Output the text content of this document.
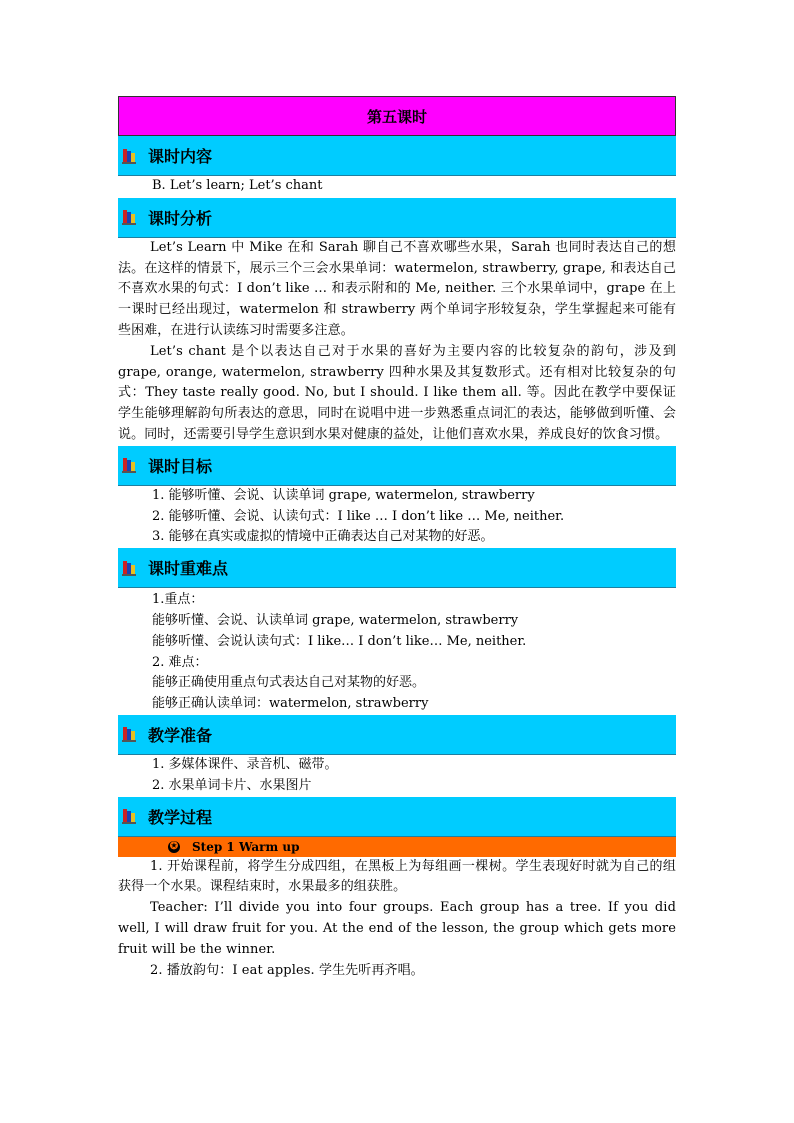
第五课时
课时内容
B. Let’s learn; Let’s chant
课时分析
Let’s Learn 中 Mike 在和 Sarah 聊自己不喜欢哪些水果，Sarah 也同时表达自己的想法。在这样的情景下，展示三个三会水果单词：watermelon, strawberry, grape, 和表达自己不喜欢水果的句式：I don’t like … 和表示附和的 Me, neither. 三个水果单词中，grape 在上一课时已经出现过，watermelon 和 strawberry 两个单词字形较复杂，学生掌握起来可能有些困难，在进行认读练习时需要多注意。
Let’s chant 是个以表达自己对于水果的喜好为主要内容的比较复杂的韵句，涉及到 grape, orange, watermelon, strawberry 四种水果及其复数形式。还有相对比较复杂的句式：They taste really good. No, but I should. I like them all. 等。因此在教学中要保证学生能够理解韵句所表达的意思，同时在说唱中进一步熟悉重点词汇的表达，能够做到听懂、会说。同时，还需要引导学生意识到水果对健康的益处，让他们喜欢水果，养成良好的饮食习惯。
课时目标
1. 能够听懂、会说、认读单词 grape, watermelon, strawberry
2. 能够听懂、会说、认读句式：I like … I don’t like … Me, neither.
3. 能够在真实或虚拟的情境中正确表达自己对某物的好恶。
课时重难点
1.重点：
能够听懂、会说、认读单词 grape, watermelon, strawberry
能够听懂、会说认读句式：I like… I don’t like… Me, neither.
2. 难点：
能够正确使用重点句式表达自己对某物的好恶。
能够正确认读单词：watermelon, strawberry
教学准备
1. 多媒体课件、录音机、磁带。
2. 水果单词卡片、水果图片
教学过程
✪ Step 1 Warm up
1. 开始课程前，将学生分成四组，在黑板上为每组画一棵树。学生表现好时就为自己的组获得一个水果。课程结束时，水果最多的组获胜。
Teacher: I’ll divide you into four groups. Each group has a tree. If you did well, I will draw fruit for you. At the end of the lesson, the group which gets more fruit will be the winner.
2. 播放韵句：I eat apples. 学生先听再齐唱。
